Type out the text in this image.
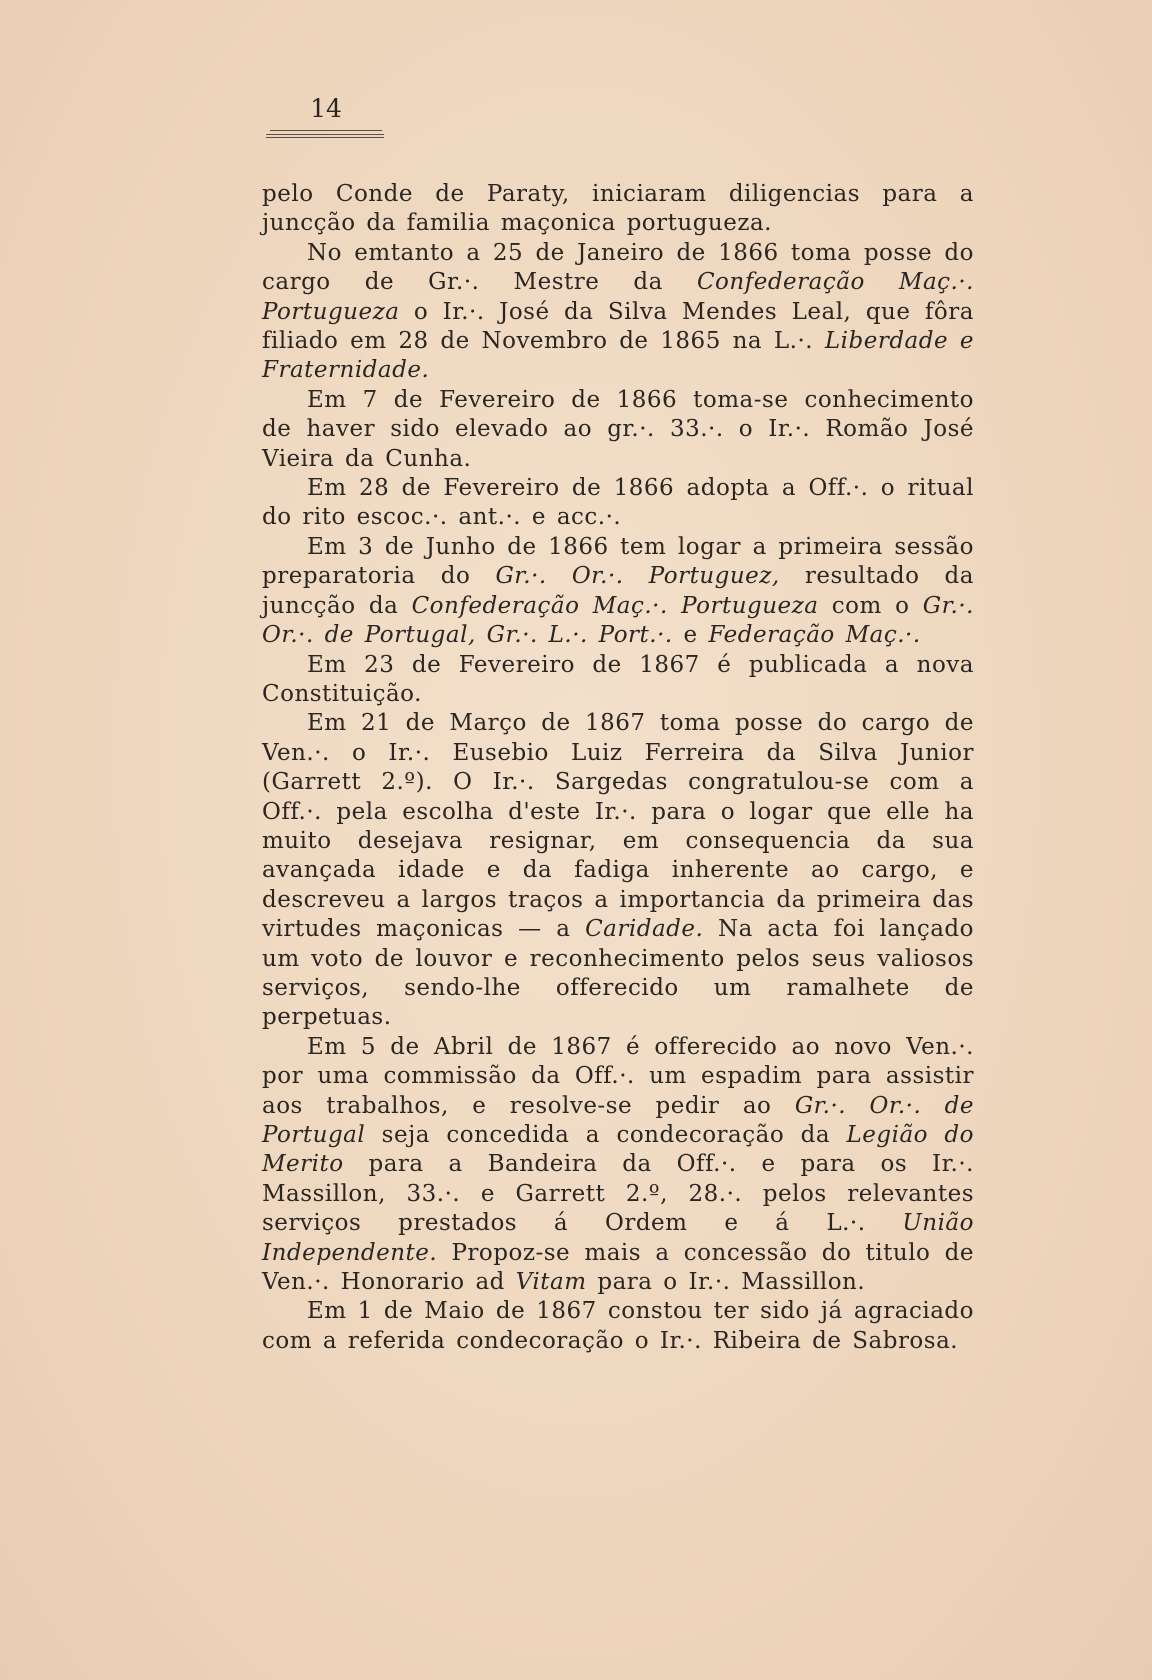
14

pelo Conde de Paraty, iniciaram diligencias para a juncção da familia maçonica portugueza.

No emtanto a 25 de Janeiro de 1866 toma posse do cargo de Gr.·. Mestre da Confederação Maç.·. Portugueza o Ir.·. José da Silva Mendes Leal, que fôra filiado em 28 de Novembro de 1865 na L.·. Liberdade e Fraternidade.

Em 7 de Fevereiro de 1866 toma-se conhecimento de haver sido elevado ao gr.·. 33.·. o Ir.·. Romão José Vieira da Cunha.

Em 28 de Fevereiro de 1866 adopta a Off.·. o ritual do rito escoc.·. ant.·. e acc.·.

Em 3 de Junho de 1866 tem logar a primeira sessão preparatoria do Gr.·. Or.·. Portuguez, resultado da juncção da Confederação Maç.·. Portugueza com o Gr.·. Or.·. de Portugal, Gr.·. L.·. Port.·. e Federação Maç.·.

Em 23 de Fevereiro de 1867 é publicada a nova Constituição.

Em 21 de Março de 1867 toma posse do cargo de Ven.·. o Ir.·. Eusebio Luiz Ferreira da Silva Junior (Garrett 2.º). O Ir.·. Sargedas congratulou-se com a Off.·. pela escolha d'este Ir.·. para o logar que elle ha muito desejava resignar, em consequencia da sua avançada idade e da fadiga inherente ao cargo, e descreveu a largos traços a importancia da primeira das virtudes maçonicas — a Caridade. Na acta foi lançado um voto de louvor e reconhecimento pelos seus valiosos serviços, sendo-lhe offerecido um ramalhete de perpetuas.

Em 5 de Abril de 1867 é offerecido ao novo Ven.·. por uma commissão da Off.·. um espadim para assistir aos trabalhos, e resolve-se pedir ao Gr.·. Or.·. de Portugal seja concedida a condecoração da Legião do Merito para a Bandeira da Off.·. e para os Ir.·. Massillon, 33.·. e Garrett 2.º, 28.·. pelos relevantes serviços prestados á Ordem e á L.·. União Independente. Propoz-se mais a concessão do titulo de Ven.·. Honorario ad Vitam para o Ir.·. Massillon.

Em 1 de Maio de 1867 constou ter sido já agraciado com a referida condecoração o Ir.·. Ribeira de Sabrosa.
